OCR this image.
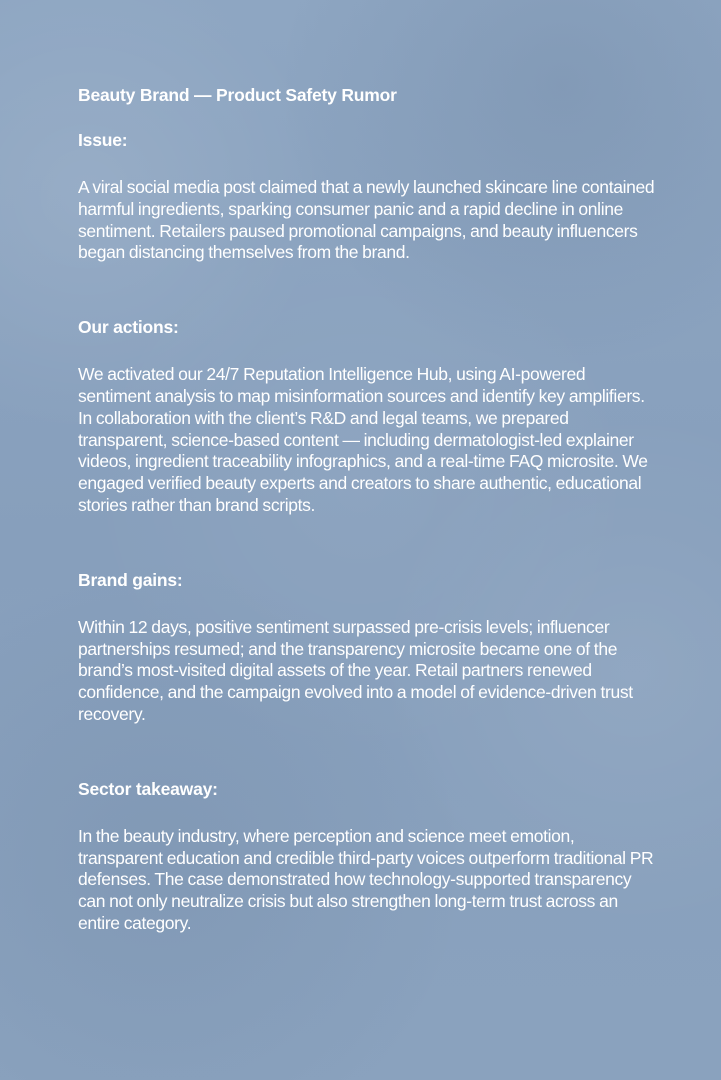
Beauty Brand — Product Safety Rumor
Issue:

A viral social media post claimed that a newly launched skincare line contained harmful ingredients, sparking consumer panic and a rapid decline in online sentiment. Retailers paused promotional campaigns, and beauty influencers began distancing themselves from the brand.

Our actions:

We activated our 24/7 Reputation Intelligence Hub, using AI-powered sentiment analysis to map misinformation sources and identify key amplifiers. In collaboration with the client’s R&D and legal teams, we prepared transparent, science-based content — including dermatologist-led explainer videos, ingredient traceability infographics, and a real-time FAQ microsite. We engaged verified beauty experts and creators to share authentic, educational stories rather than brand scripts.

Brand gains:

Within 12 days, positive sentiment surpassed pre-crisis levels; influencer partnerships resumed; and the transparency microsite became one of the brand’s most-visited digital assets of the year. Retail partners renewed confidence, and the campaign evolved into a model of evidence-driven trust recovery.

Sector takeaway:

In the beauty industry, where perception and science meet emotion, transparent education and credible third-party voices outperform traditional PR defenses. The case demonstrated how technology-supported transparency can not only neutralize crisis but also strengthen long-term trust across an entire category.
